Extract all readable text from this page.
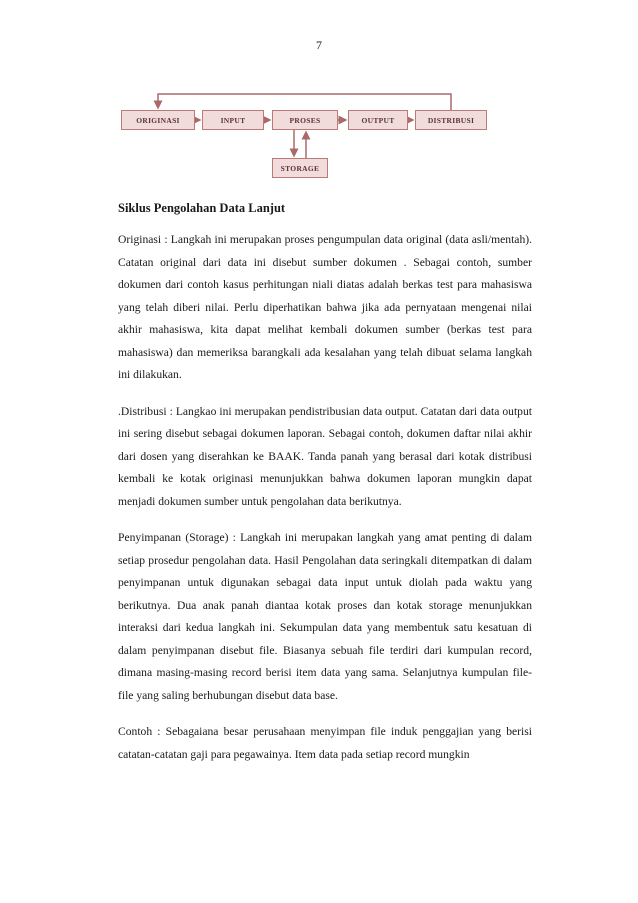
7
ORIGINASI	INPUT	PROSES	OUTPUT	DISTRIBUSI
STORAGE
Siklus Pengolahan Data Lanjut

Originasi : Langkah ini merupakan proses pengumpulan data original (data asli/mentah). Catatan original dari data ini disebut sumber dokumen . Sebagai contoh, sumber dokumen dari contoh kasus perhitungan niali diatas adalah berkas test para mahasiswa yang telah diberi nilai. Perlu diperhatikan bahwa jika ada pernyataan mengenai nilai akhir mahasiswa, kita dapat melihat kembali dokumen sumber (berkas test para mahasiswa) dan memeriksa barangkali ada kesalahan yang telah dibuat selama langkah ini dilakukan.

.Distribusi : Langkao ini merupakan pendistribusian data output. Catatan dari data output ini sering disebut sebagai dokumen laporan. Sebagai contoh, dokumen daftar nilai akhir dari dosen yang diserahkan ke BAAK. Tanda panah yang berasal dari kotak distribusi kembali ke kotak originasi menunjukkan bahwa dokumen laporan mungkin dapat menjadi dokumen sumber untuk pengolahan data berikutnya.

Penyimpanan (Storage) : Langkah ini merupakan langkah yang amat penting di dalam setiap prosedur pengolahan data. Hasil Pengolahan data seringkali ditempatkan di dalam penyimpanan untuk digunakan sebagai data input untuk diolah pada waktu yang berikutnya. Dua anak panah diantaa kotak proses dan kotak storage menunjukkan interaksi dari kedua langkah ini. Sekumpulan data yang membentuk satu kesatuan di dalam penyimpanan disebut file. Biasanya sebuah file terdiri dari kumpulan record, dimana masing-masing record berisi item data yang sama. Selanjutnya kumpulan file-file yang saling berhubungan disebut data base.

Contoh : Sebagaiana besar perusahaan menyimpan file induk penggajian yang berisi catatan-catatan gaji para pegawainya. Item data pada setiap record mungkin
